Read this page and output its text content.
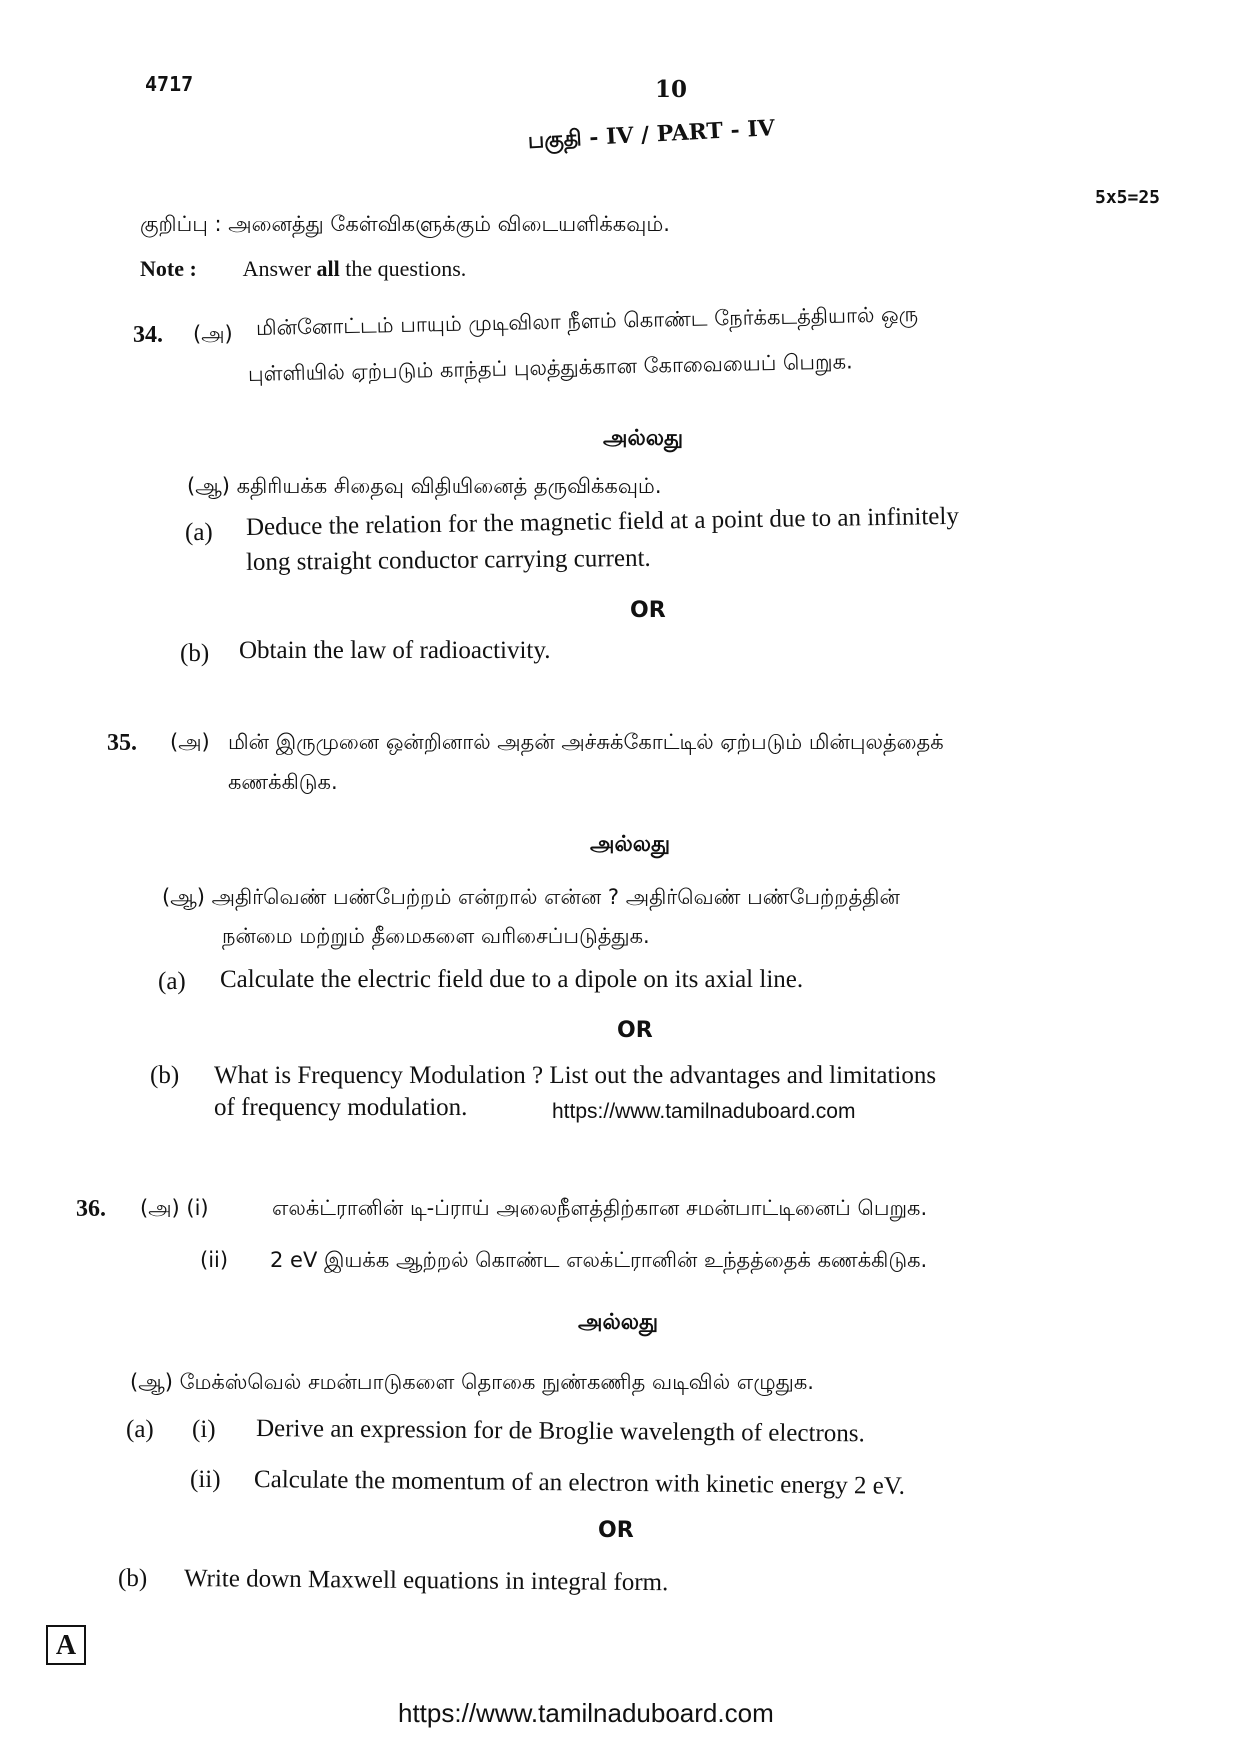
4717	10
பகுதி - IV / PART - IV
5x5=25
குறிப்பு : அனைத்து கேள்விகளுக்கும் விடையளிக்கவும்.
Note : Answer all the questions.
34. (அ) மின்னோட்டம் பாயும் முடிவிலா நீளம் கொண்ட நேர்க்கடத்தியால் ஒரு
புள்ளியில் ஏற்படும் காந்தப் புலத்துக்கான கோவையைப் பெறுக.
அல்லது
(ஆ) கதிரியக்க சிதைவு விதியினைத் தருவிக்கவும்.
(a) Deduce the relation for the magnetic field at a point due to an infinitely
long straight conductor carrying current.
OR
(b) Obtain the law of radioactivity.
35. (அ) மின் இருமுனை ஒன்றினால் அதன் அச்சுக்கோட்டில் ஏற்படும் மின்புலத்தைக்
கணக்கிடுக.
அல்லது
(ஆ) அதிர்வெண் பண்பேற்றம் என்றால் என்ன ? அதிர்வெண் பண்பேற்றத்தின்
நன்மை மற்றும் தீமைகளை வரிசைப்படுத்துக.
(a) Calculate the electric field due to a dipole on its axial line.
OR
(b) What is Frequency Modulation ? List out the advantages and limitations
of frequency modulation.	https://www.tamilnaduboard.com
36. (அ) (i)	எலக்ட்ரானின் டி-ப்ராய் அலைநீளத்திற்கான சமன்பாட்டினைப் பெறுக.
(ii) 2 eV இயக்க ஆற்றல் கொண்ட எலக்ட்ரானின் உந்தத்தைக் கணக்கிடுக.
அல்லது
(ஆ) மேக்ஸ்வெல் சமன்பாடுகளை தொகை நுண்கணித வடிவில் எழுதுக.
(a) (i) Derive an expression for de Broglie wavelength of electrons.
(ii) Calculate the momentum of an electron with kinetic energy 2 eV.
OR
(b) Write down Maxwell equations in integral form.
A
https://www.tamilnaduboard.com
